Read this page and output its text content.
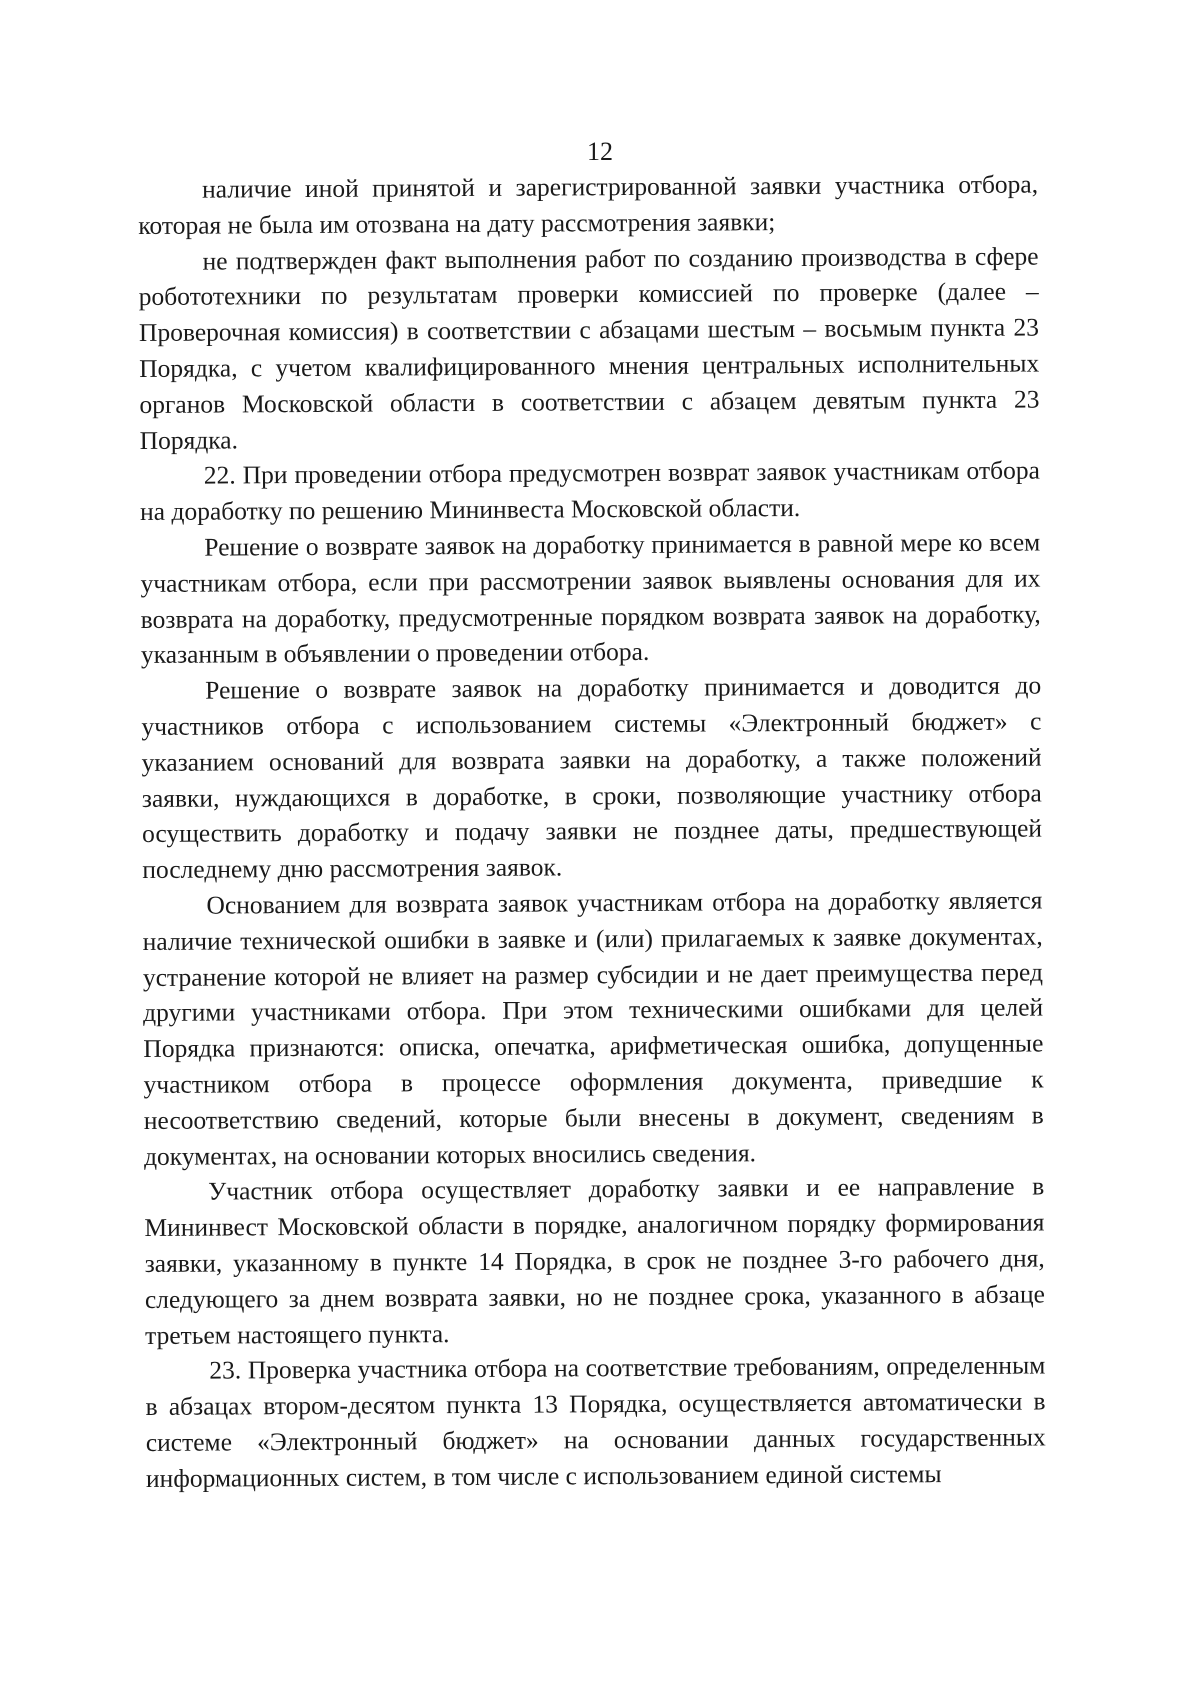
12

наличие иной принятой и зарегистрированной заявки участника отбора, которая не была им отозвана на дату рассмотрения заявки;

не подтвержден факт выполнения работ по созданию производства в сфере робототехники по результатам проверки комиссией по проверке (далее – Проверочная комиссия) в соответствии с абзацами шестым – восьмым пункта 23 Порядка, с учетом квалифицированного мнения центральных исполнительных органов Московской области в соответствии с абзацем девятым пункта 23 Порядка.

22. При проведении отбора предусмотрен возврат заявок участникам отбора на доработку по решению Мининвеста Московской области.

Решение о возврате заявок на доработку принимается в равной мере ко всем участникам отбора, если при рассмотрении заявок выявлены основания для их возврата на доработку, предусмотренные порядком возврата заявок на доработку, указанным в объявлении о проведении отбора.

Решение о возврате заявок на доработку принимается и доводится до участников отбора с использованием системы «Электронный бюджет» с указанием оснований для возврата заявки на доработку, а также положений заявки, нуждающихся в доработке, в сроки, позволяющие участнику отбора осуществить доработку и подачу заявки не позднее даты, предшествующей последнему дню рассмотрения заявок.

Основанием для возврата заявок участникам отбора на доработку является наличие технической ошибки в заявке и (или) прилагаемых к заявке документах, устранение которой не влияет на размер субсидии и не дает преимущества перед другими участниками отбора. При этом техническими ошибками для целей Порядка признаются: описка, опечатка, арифметическая ошибка, допущенные участником отбора в процессе оформления документа, приведшие к несоответствию сведений, которые были внесены в документ, сведениям в документах, на основании которых вносились сведения.

Участник отбора осуществляет доработку заявки и ее направление в Мининвест Московской области в порядке, аналогичном порядку формирования заявки, указанному в пункте 14 Порядка, в срок не позднее 3-го рабочего дня, следующего за днем возврата заявки, но не позднее срока, указанного в абзаце третьем настоящего пункта.

23. Проверка участника отбора на соответствие требованиям, определенным в абзацах втором-десятом пункта 13 Порядка, осуществляется автоматически в системе «Электронный бюджет» на основании данных государственных информационных систем, в том числе с использованием единой системы
